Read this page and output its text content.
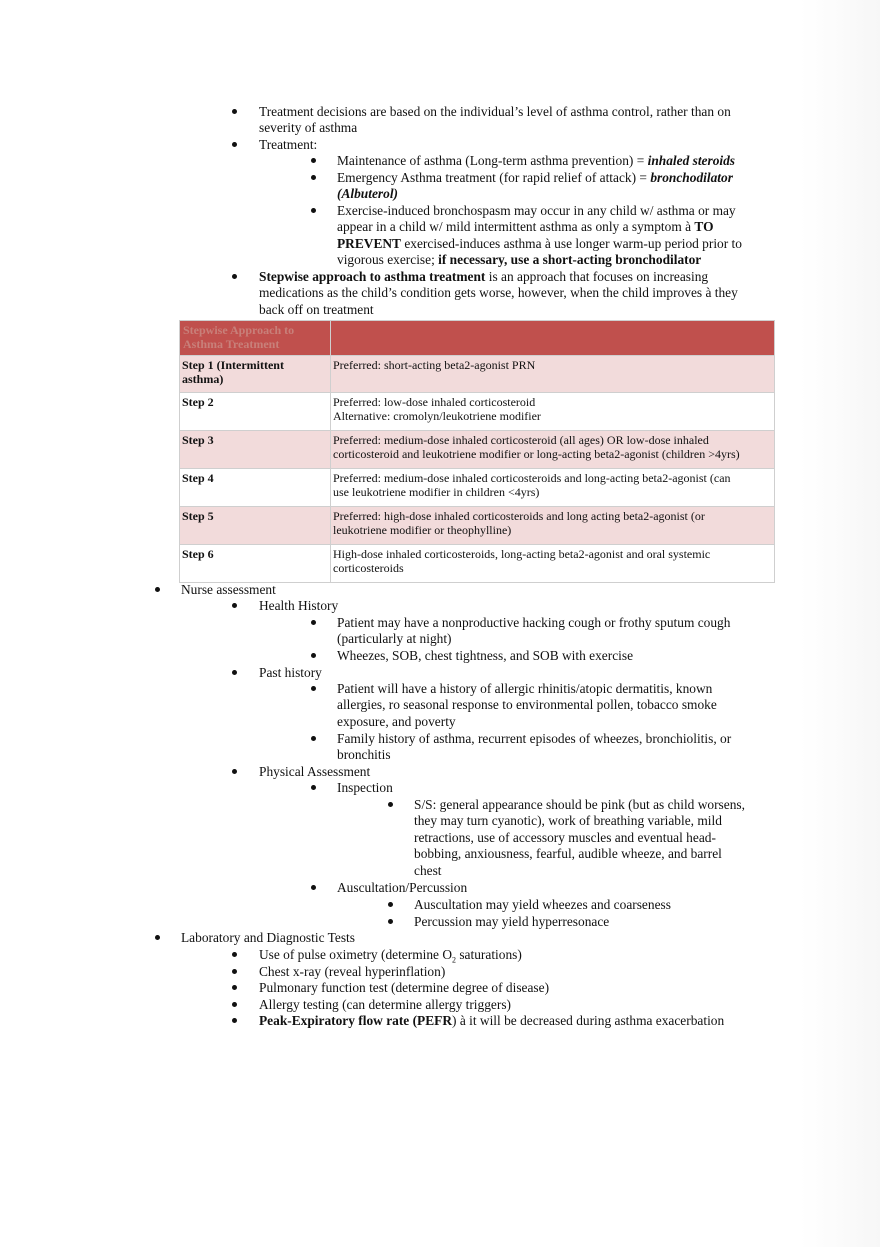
Treatment decisions are based on the individual’s level of asthma control, rather than on
severity of asthma
Treatment:
Maintenance of asthma (Long-term asthma prevention) = inhaled steroids
Emergency Asthma treatment (for rapid relief of attack) = bronchodilator
(Albuterol)
Exercise-induced bronchospasm may occur in any child w/ asthma or may
appear in a child w/ mild intermittent asthma as only a symptom à TO
PREVENT exercised-induces asthma à use longer warm-up period prior to
vigorous exercise; if necessary, use a short-acting bronchodilator
Stepwise approach to asthma treatment is an approach that focuses on increasing
medications as the child’s condition gets worse, however, when the child improves à they
back off on treatment
Stepwise Approach to
Asthma Treatment	

Step 1 (Intermittent
asthma)	Preferred: short-acting beta2-agonist PRN

Step 2	Preferred: low-dose inhaled corticosteroid
Alternative: cromolyn/leukotriene modifier

Step 3	Preferred: medium-dose inhaled corticosteroid (all ages) OR low-dose inhaled
corticosteroid and leukotriene modifier or long-acting beta2-agonist (children >4yrs)

Step 4	Preferred: medium-dose inhaled corticosteroids and long-acting beta2-agonist (can
use leukotriene modifier in children <4yrs)

Step 5	Preferred: high-dose inhaled corticosteroids and long acting beta2-agonist (or
leukotriene modifier or theophylline)

Step 6	High-dose inhaled corticosteroids, long-acting beta2-agonist and oral systemic
corticosteroids
Nurse assessment
Health History
Patient may have a nonproductive hacking cough or frothy sputum cough
(particularly at night)
Wheezes, SOB, chest tightness, and SOB with exercise
Past history
Patient will have a history of allergic rhinitis/atopic dermatitis, known
allergies, ro seasonal response to environmental pollen, tobacco smoke
exposure, and poverty
Family history of asthma, recurrent episodes of wheezes, bronchiolitis, or
bronchitis
Physical Assessment
Inspection
S/S: general appearance should be pink (but as child worsens,
they may turn cyanotic), work of breathing variable, mild
retractions, use of accessory muscles and eventual head-
bobbing, anxiousness, fearful, audible wheeze, and barrel
chest
Auscultation/Percussion
Auscultation may yield wheezes and coarseness
Percussion may yield hyperresonace
Laboratory and Diagnostic Tests
Use of pulse oximetry (determine $O_2$ saturations)
Chest x-ray (reveal hyperinflation)
Pulmonary function test (determine degree of disease)
Allergy testing (can determine allergy triggers)
Peak-Expiratory flow rate (PEFR) à it will be decreased during asthma exacerbation
